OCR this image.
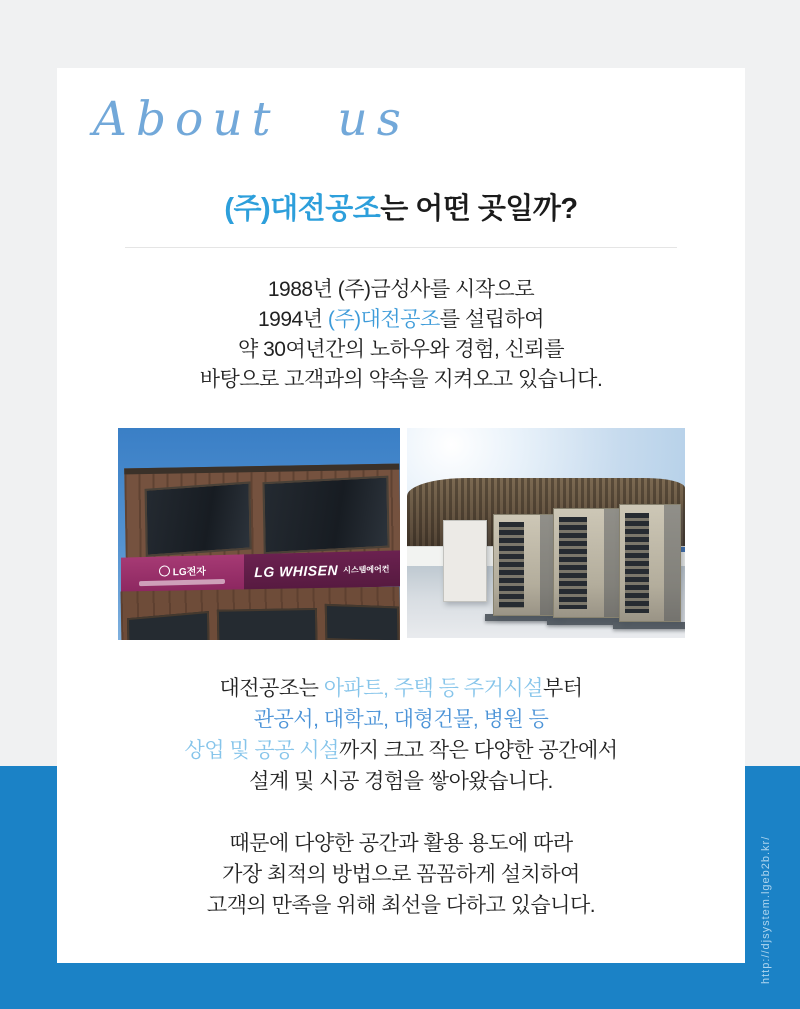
http://djsystem.lgeb2b.kr/
About us
(주)대전공조는 어떤 곳일까?
1988년 (주)금성사를 시작으로
1994년 (주)대전공조를 설립하여
약 30여년간의 노하우와 경험, 신뢰를
바탕으로 고객과의 약속을 지켜오고 있습니다.
LG전자	LG WHISEN 시스템에어컨
대전공조는 아파트, 주택 등 주거시설부터
관공서, 대학교, 대형건물, 병원 등
상업 및 공공 시설까지 크고 작은 다양한 공간에서
설계 및 시공 경험을 쌓아왔습니다.
때문에 다양한 공간과 활용 용도에 따라
가장 최적의 방법으로 꼼꼼하게 설치하여
고객의 만족을 위해 최선을 다하고 있습니다.
